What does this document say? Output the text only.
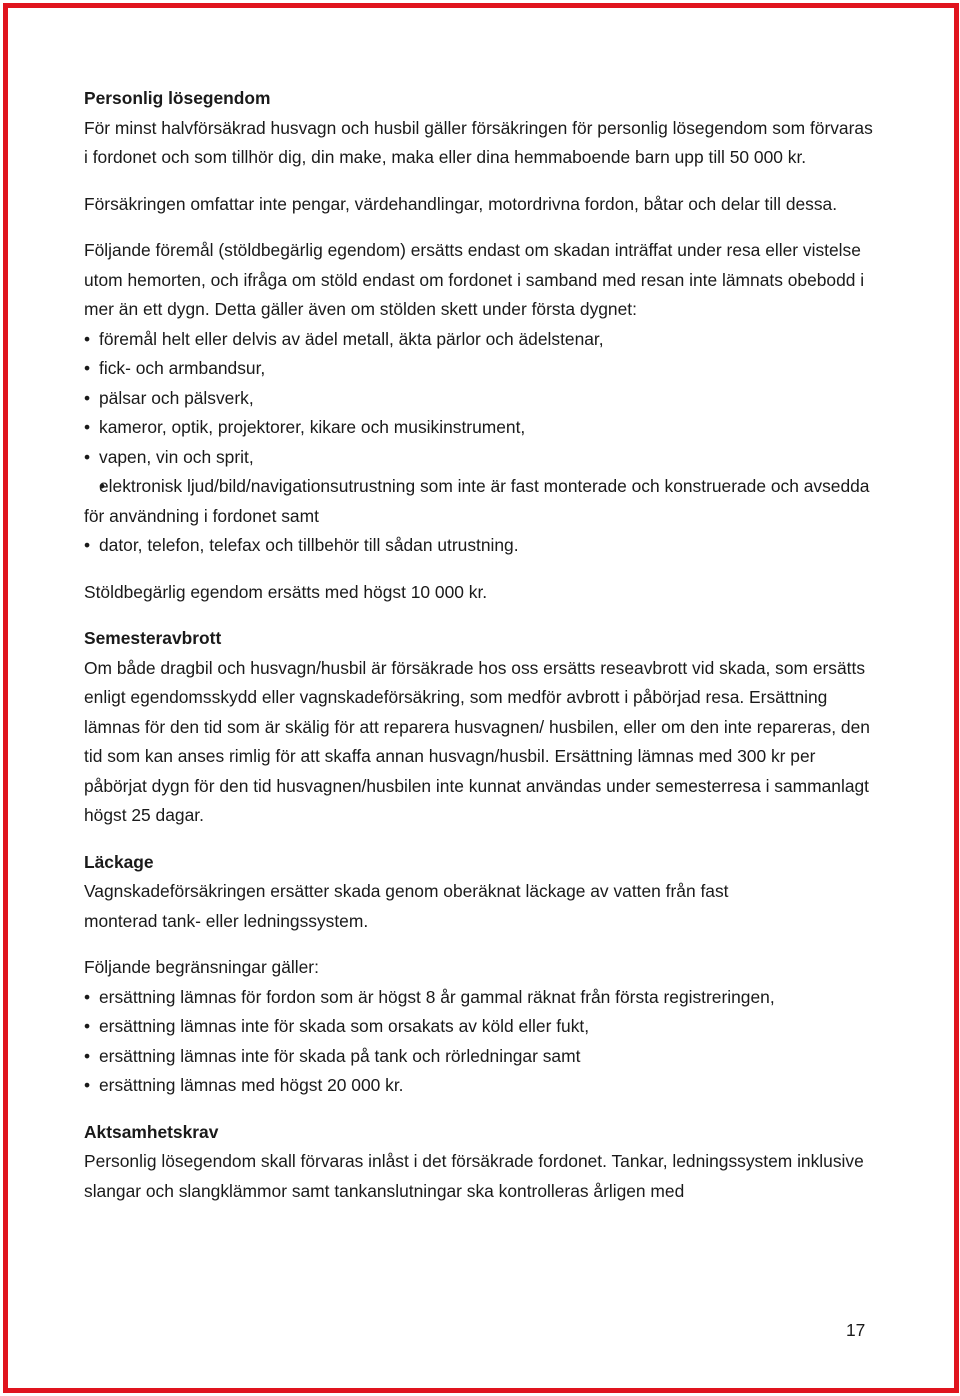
Personlig lösegendom

För minst halvförsäkrad husvagn och husbil gäller försäkringen för personlig lösegendom som förvaras i fordonet och som tillhör dig, din make, maka eller dina hemmaboende barn upp till 50 000 kr.

Försäkringen omfattar inte pengar, värdehandlingar, motordrivna fordon, båtar och delar till dessa.

Följande föremål (stöldbegärlig egendom) ersätts endast om skadan inträffat under resa eller vistelse utom hemorten, och ifråga om stöld endast om fordonet i samband med resan inte lämnats obebodd i mer än ett dygn. Detta gäller även om stölden skett under första dygnet:

• föremål helt eller delvis av ädel metall, äkta pärlor och ädelstenar,
• fick- och armbandsur,
• pälsar och pälsverk,
• kameror, optik, projektorer, kikare och musikinstrument,
• vapen, vin och sprit,
• elektronisk ljud/bild/navigationsutrustning som inte är fast monterade och konstruerade och avsedda för användning i fordonet samt
• dator, telefon, telefax och tillbehör till sådan utrustning.

Stöldbegärlig egendom ersätts med högst 10 000 kr.

Semesteravbrott

Om både dragbil och husvagn/husbil är försäkrade hos oss ersätts reseavbrott vid skada, som ersätts enligt egendomsskydd eller vagnskadeförsäkring, som medför avbrott i påbörjad resa. Ersättning lämnas för den tid som är skälig för att reparera husvagnen/ husbilen, eller om den inte repareras, den tid som kan anses rimlig för att skaffa annan husvagn/husbil. Ersättning lämnas med 300 kr per påbörjat dygn för den tid husvagnen/husbilen inte kunnat användas under semesterresa i sammanlagt högst 25 dagar.

Läckage

Vagnskadeförsäkringen ersätter skada genom oberäknat läckage av vatten från fast monterad tank- eller ledningssystem.

Följande begränsningar gäller:

• ersättning lämnas för fordon som är högst 8 år gammal räknat från första registreringen,
• ersättning lämnas inte för skada som orsakats av köld eller fukt,
• ersättning lämnas inte för skada på tank och rörledningar samt
• ersättning lämnas med högst 20 000 kr.
Aktsamhetskrav

Personlig lösegendom skall förvaras inlåst i det försäkrade fordonet. Tankar, ledningssystem inklusive slangar och slangklämmor samt tankanslutningar ska kontrolleras årligen med

17
